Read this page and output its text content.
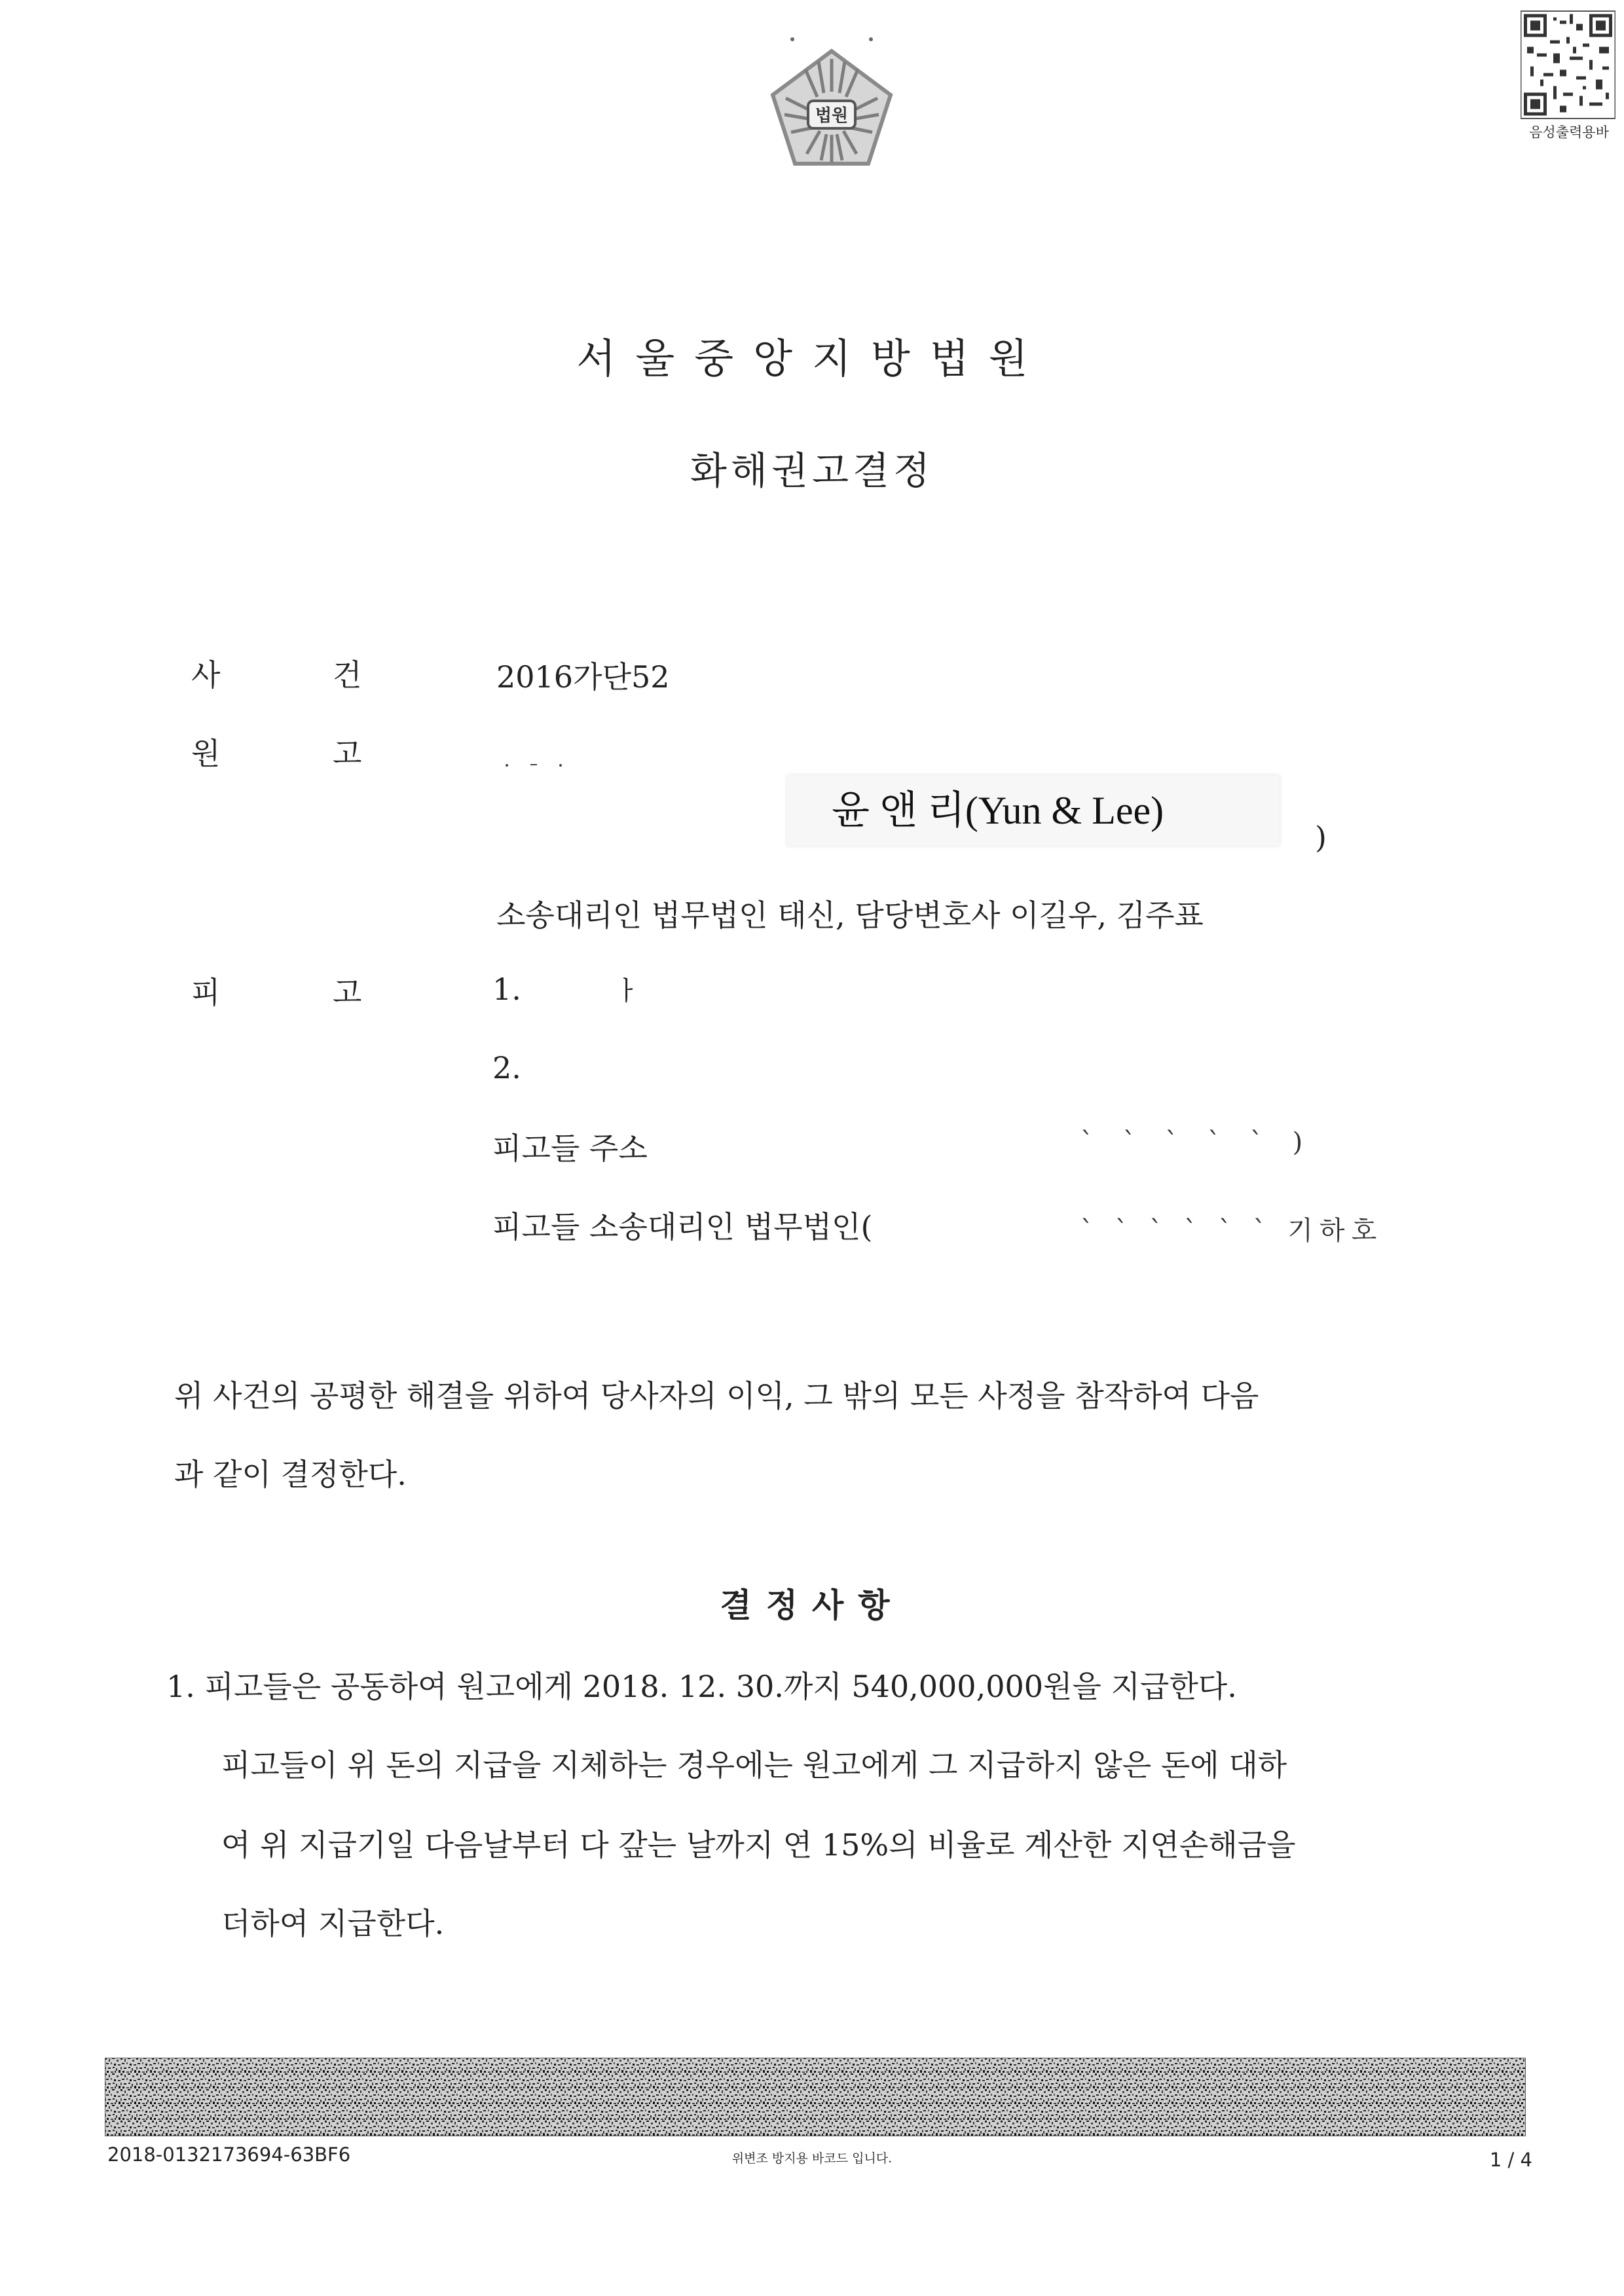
법원
음성출력용바
서울중앙지방법원
화해권고결정
사	건	2016가단52
원	고
윤 앤 리(Yun & Lee)
)
소송대리인 법무법인 태신, 담당변호사 이길우, 김주표
피	고	1.	ㅏ
2.
피고들 주소	` ` ` ` ` )
피고들 소송대리인 법무법인(	` ` ` ` ` ` 기하호
위 사건의 공평한 해결을 위하여 당사자의 이익, 그 밖의 모든 사정을 참작하여 다음
과 같이 결정한다.
결정사항
1. 피고들은 공동하여 원고에게 2018. 12. 30.까지 540,000,000원을 지급한다.
피고들이 위 돈의 지급을 지체하는 경우에는 원고에게 그 지급하지 않은 돈에 대하
여 위 지급기일 다음날부터 다 갚는 날까지 연 15%의 비율로 계산한 지연손해금을
더하여 지급한다.
2018-0132173694-63BF6	위변조 방지용 바코드 입니다.	1 / 4
